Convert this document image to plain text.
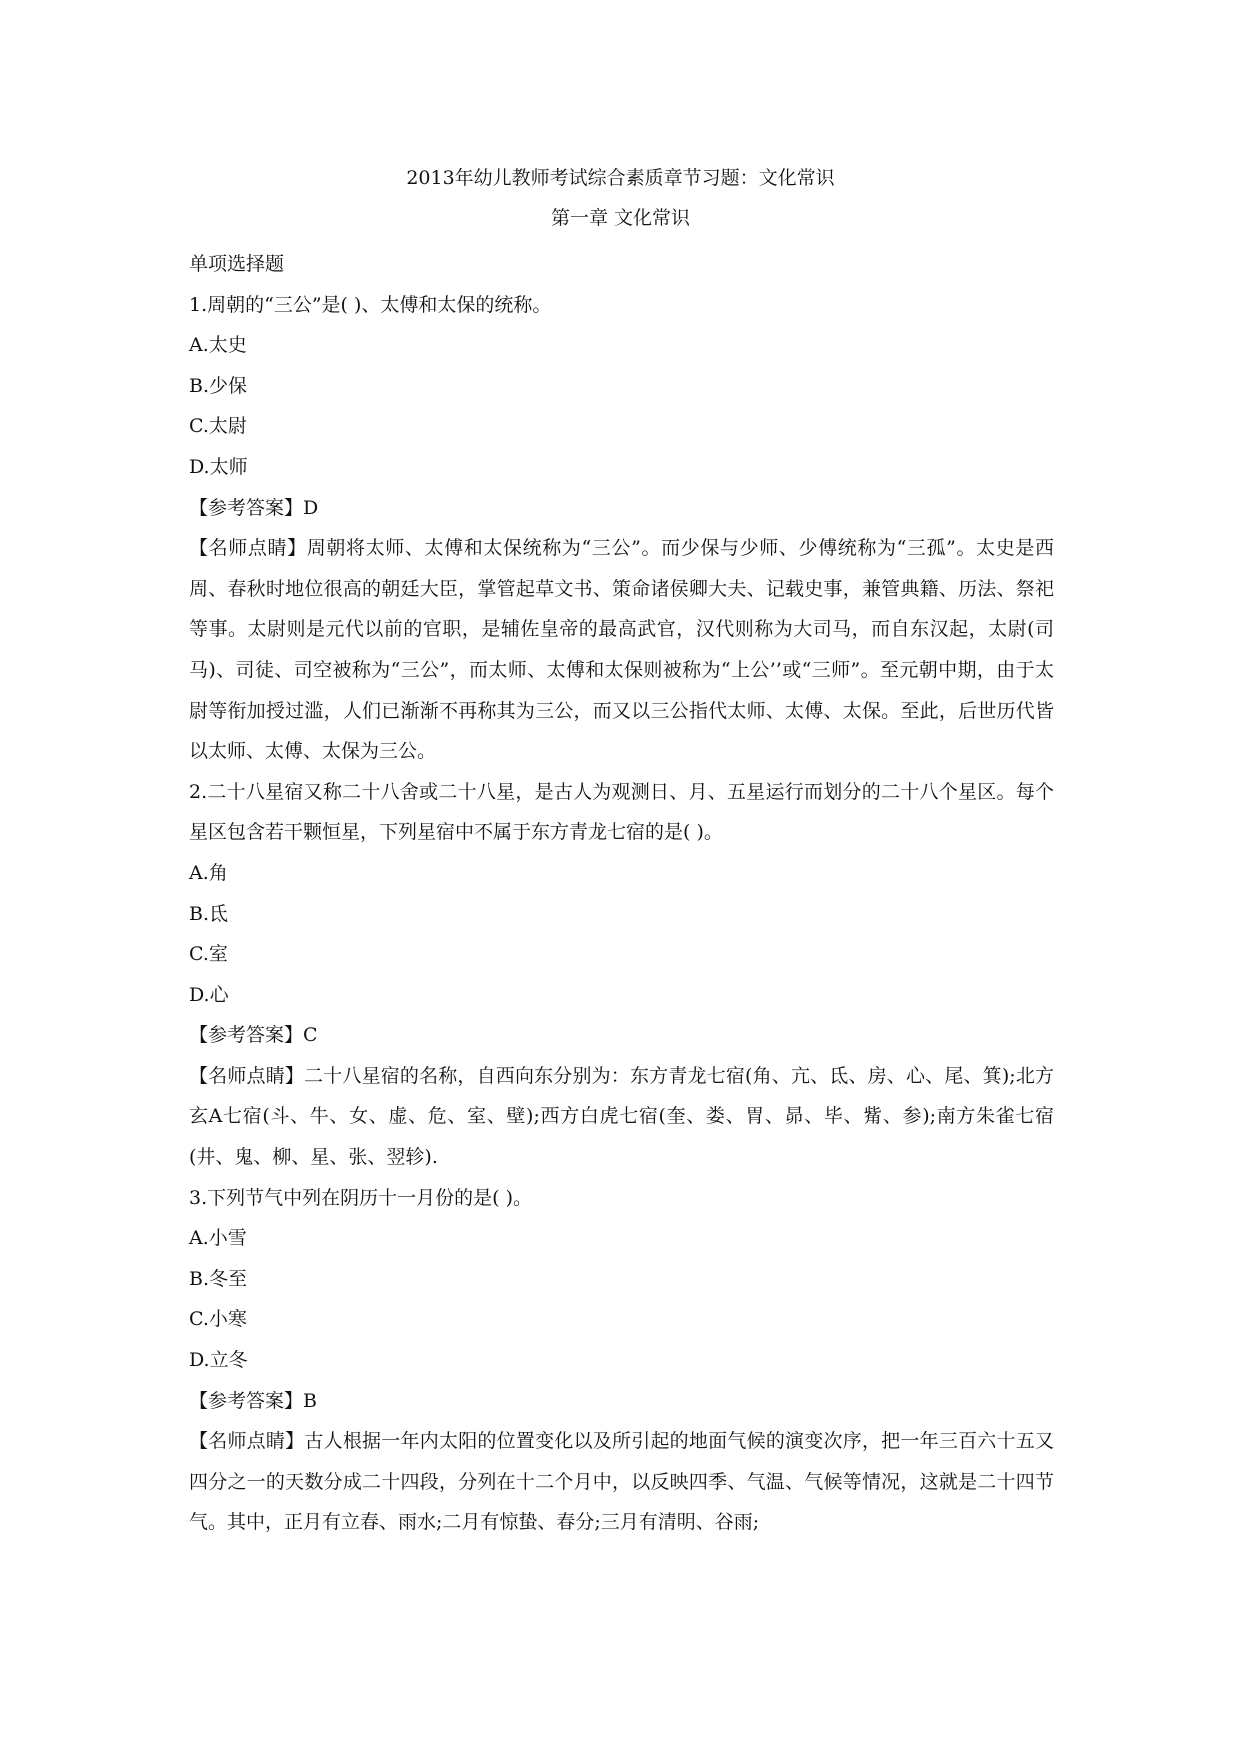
2013年幼儿教师考试综合素质章节习题：文化常识
第一章 文化常识
单项选择题
1.周朝的“三公”是( )、太傅和太保的统称。
A.太史
B.少保
C.太尉
D.太师
【参考答案】D
【名师点睛】周朝将太师、太傅和太保统称为“三公”。而少保与少师、少傅统称为“三孤”。太史是西周、春秋时地位很高的朝廷大臣，掌管起草文书、策命诸侯卿大夫、记载史事，兼管典籍、历法、祭祀等事。太尉则是元代以前的官职，是辅佐皇帝的最高武官，汉代则称为大司马，而自东汉起，太尉(司马)、司徒、司空被称为“三公”，而太师、太傅和太保则被称为“上公’’或“三师”。至元朝中期，由于太尉等衔加授过滥，人们已渐渐不再称其为三公，而又以三公指代太师、太傅、太保。至此，后世历代皆以太师、太傅、太保为三公。
2.二十八星宿又称二十八舍或二十八星，是古人为观测日、月、五星运行而划分的二十八个星区。每个星区包含若干颗恒星，下列星宿中不属于东方青龙七宿的是( )。
A.角
B.氐
C.室
D.心
【参考答案】C
【名师点睛】二十八星宿的名称，自西向东分别为：东方青龙七宿(角、亢、氐、房、心、尾、箕);北方玄A七宿(斗、牛、女、虚、危、室、壁);西方白虎七宿(奎、娄、胃、昴、毕、觜、参);南方朱雀七宿(井、鬼、柳、星、张、翌轸).
3.下列节气中列在阴历十一月份的是( )。
A.小雪
B.冬至
C.小寒
D.立冬
【参考答案】B
【名师点睛】古人根据一年内太阳的位置变化以及所引起的地面气候的演变次序，把一年三百六十五又四分之一的天数分成二十四段，分列在十二个月中，以反映四季、气温、气候等情况，这就是二十四节气。其中，正月有立春、雨水;二月有惊蛰、春分;三月有清明、谷雨;
